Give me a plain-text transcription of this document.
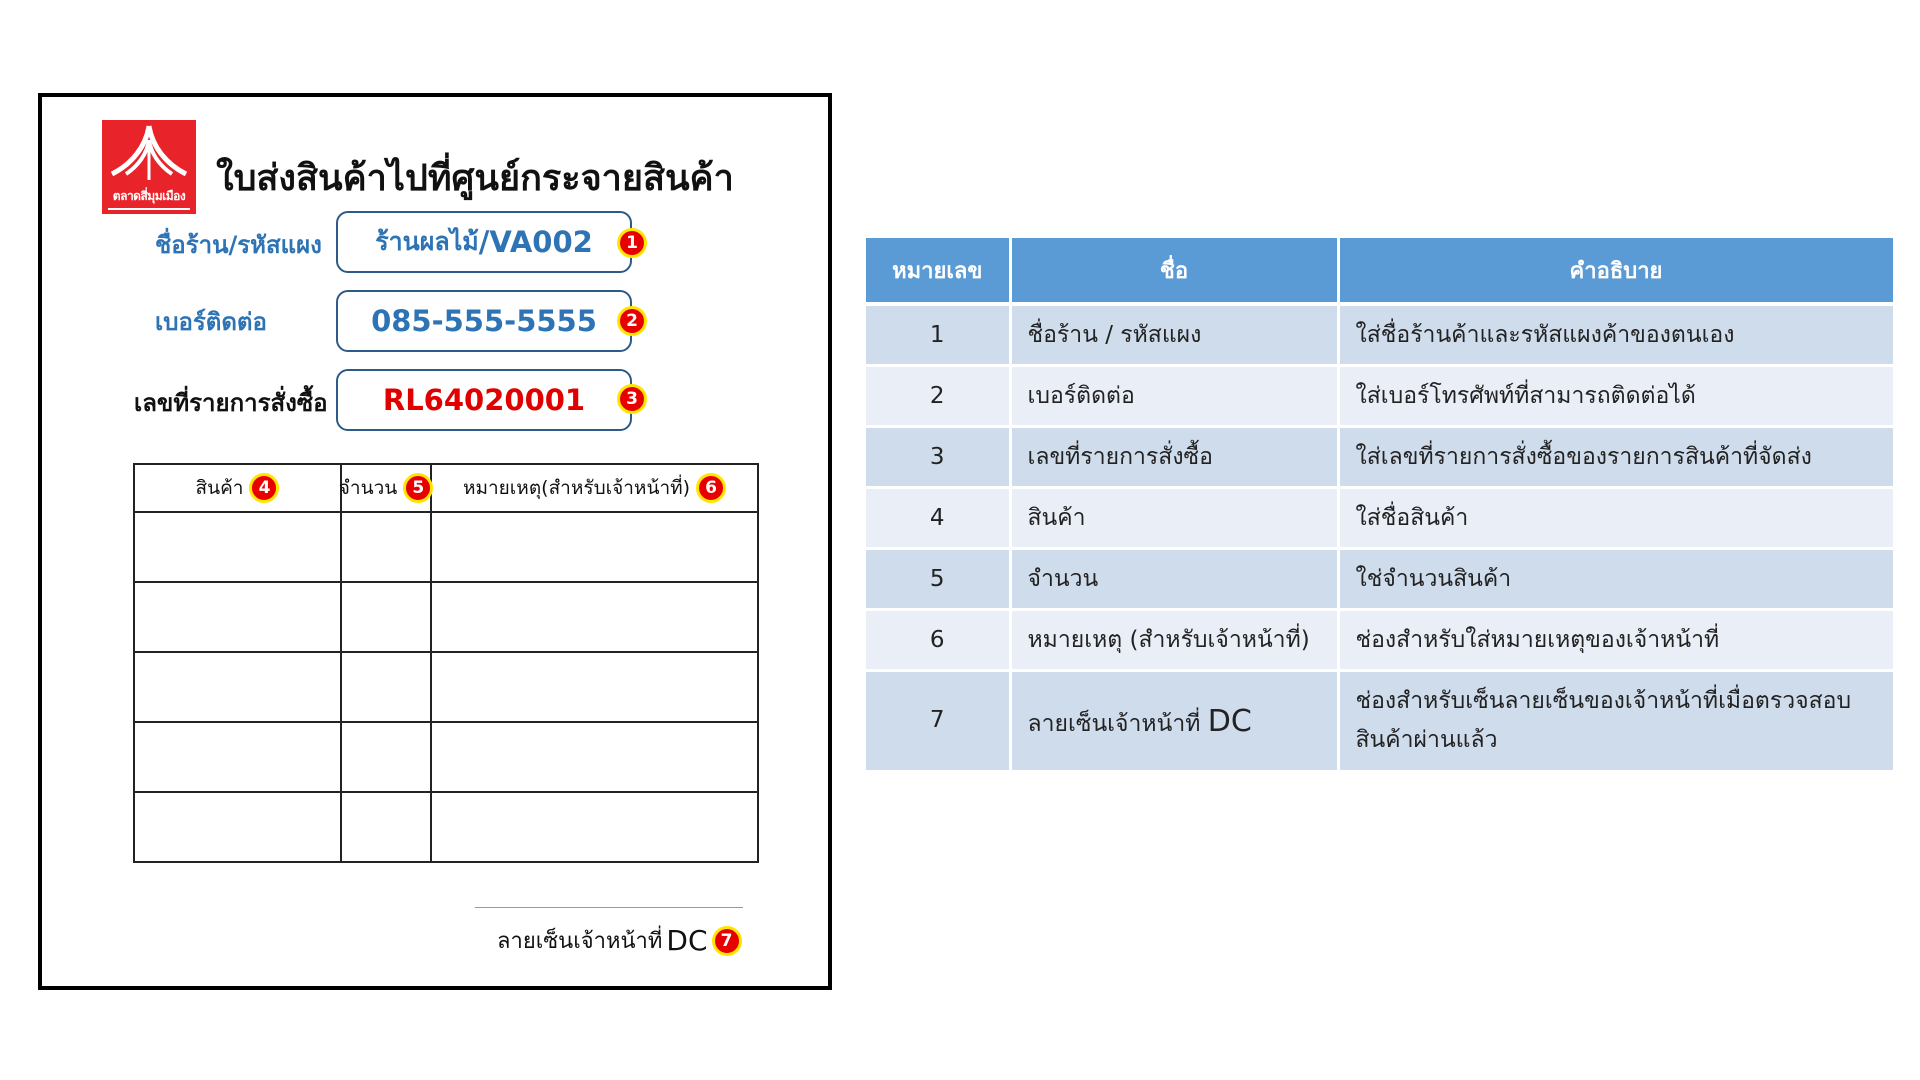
ตลาดสี่มุมเมือง ใบส่งสินค้าไปที่ศูนย์กระจายสินค้า
ชื่อร้าน/รหัสแผง ร้านผลไม้ /VA002	1
เบอร์ติดต่อ	085-555-5555	2
เลขที่รายการสั่งซื้อ	RL64020001	3
สินค้า 4	จำนวน 5	หมายเหตุ(สำหรับเจ้าหน้าที่) 6

ลายเซ็นเจ้าหน้าที่ DC 7
หมายเลข	ชื่อ	คำอธิบาย
1	ชื่อร้าน / รหัสแผง	ใส่ชื่อร้านค้าและรหัสแผงค้าของตนเอง
2	เบอร์ติดต่อ	ใส่เบอร์โทรศัพท์ที่สามารถติดต่อได้
3	เลขที่รายการสั่งซื้อ	ใส่เลขที่รายการสั่งซื้อของรายการสินค้าที่จัดส่ง
4	สินค้า	ใส่ชื่อสินค้า
5	จำนวน	ใช่จำนวนสินค้า
6	หมายเหตุ (สำหรับเจ้าหน้าที่)	ช่องสำหรับใส่หมายเหตุของเจ้าหน้าที่
7	ลายเซ็นเจ้าหน้าที่ DC	ช่องสำหรับเซ็นลายเซ็นของเจ้าหน้าที่เมื่อตรวจสอบ
สินค้าผ่านแล้ว
